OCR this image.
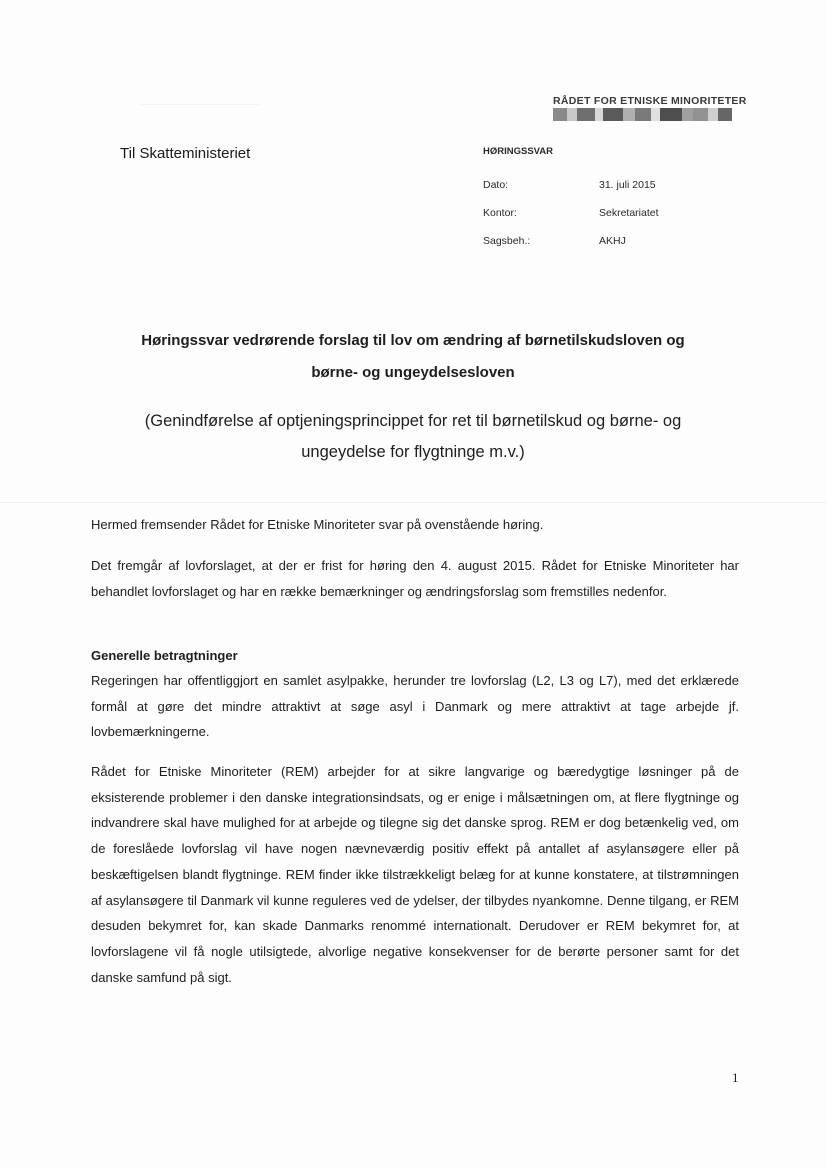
RÅDET FOR ETNISKE MINORITETER
Til Skatteministeriet	HØRINGSSVAR
Dato:	31. juli 2015
Kontor:	Sekretariatet
Sagsbeh.:	AKHJ
Høringssvar vedrørende forslag til lov om ændring af børnetilskudsloven og
børne- og ungeydelsesloven
(Genindførelse af optjeningsprincippet for ret til børnetilskud og børne- og
ungeydelse for flygtninge m.v.)
Hermed fremsender Rådet for Etniske Minoriteter svar på ovenstående høring.
Det fremgår af lovforslaget, at der er frist for høring den 4. august 2015. Rådet for Etniske Minoriteter har behandlet lovforslaget og har en række bemærkninger og ændringsforslag som fremstilles nedenfor.
Generelle betragtninger
Regeringen har offentliggjort en samlet asylpakke, herunder tre lovforslag (L2, L3 og L7), med det erklærede formål at gøre det mindre attraktivt at søge asyl i Danmark og mere attraktivt at tage arbejde jf. lovbemærkningerne.
Rådet for Etniske Minoriteter (REM) arbejder for at sikre langvarige og bæredygtige løsninger på de eksisterende problemer i den danske integrationsindsats, og er enige i målsætningen om, at flere flygtninge og indvandrere skal have mulighed for at arbejde og tilegne sig det danske sprog. REM er dog betænkelig ved, om de foreslåede lovforslag vil have nogen nævneværdig positiv effekt på antallet af asylansøgere eller på beskæftigelsen blandt flygtninge. REM finder ikke tilstrækkeligt belæg for at kunne konstatere, at tilstrømningen af asylansøgere til Danmark vil kunne reguleres ved de ydelser, der tilbydes nyankomne. Denne tilgang, er REM desuden bekymret for, kan skade Danmarks renommé internationalt. Derudover er REM bekymret for, at lovforslagene vil få nogle utilsigtede, alvorlige negative konsekvenser for de berørte personer samt for det danske samfund på sigt.
1
